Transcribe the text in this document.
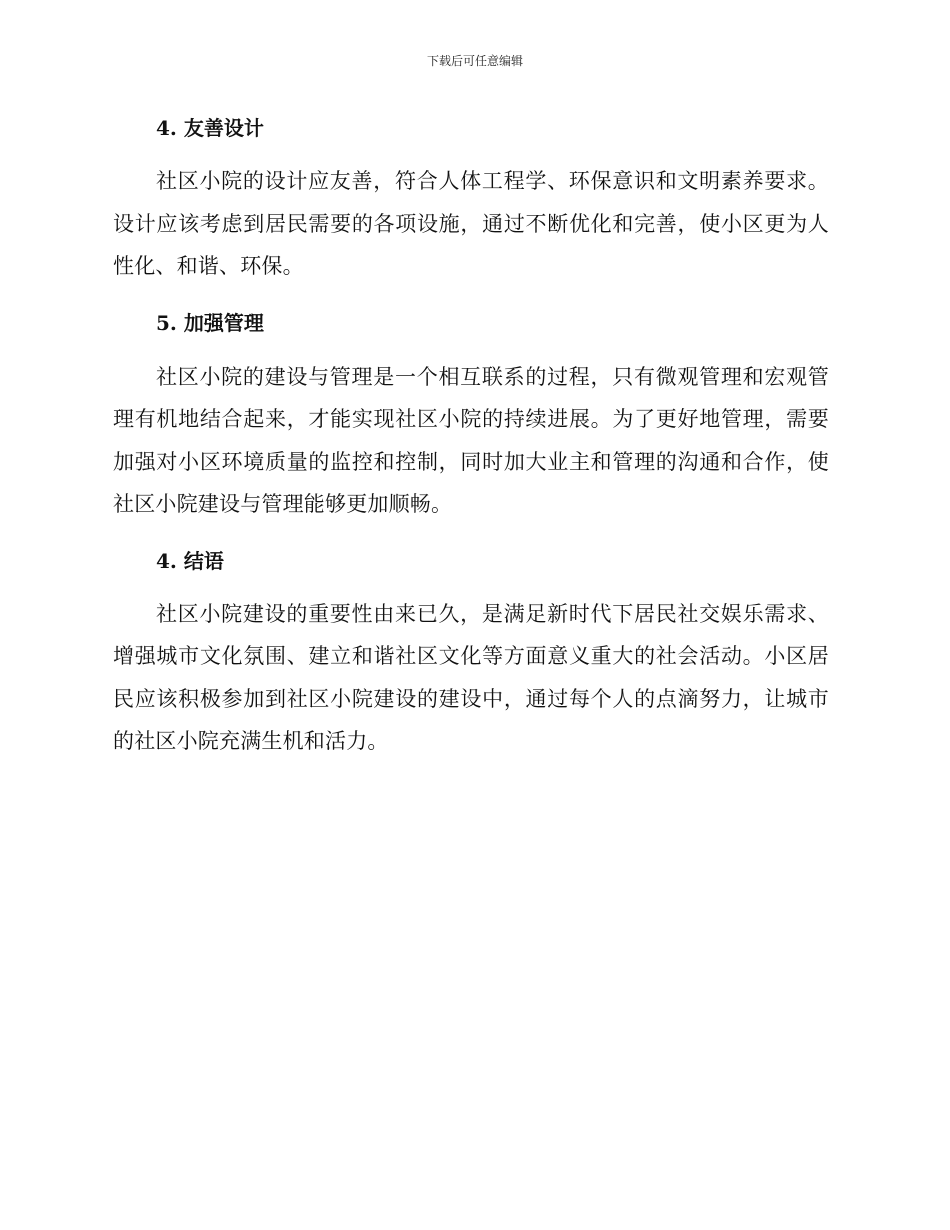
下载后可任意编辑
4. 友善设计

社区小院的设计应友善，符合人体工程学、环保意识和文明素养要求。设计应该考虑到居民需要的各项设施，通过不断优化和完善，使小区更为人性化、和谐、环保。

5. 加强管理

社区小院的建设与管理是一个相互联系的过程，只有微观管理和宏观管理有机地结合起来，才能实现社区小院的持续进展。为了更好地管理，需要加强对小区环境质量的监控和控制，同时加大业主和管理的沟通和合作，使社区小院建设与管理能够更加顺畅。

4. 结语

社区小院建设的重要性由来已久，是满足新时代下居民社交娱乐需求、增强城市文化氛围、建立和谐社区文化等方面意义重大的社会活动。小区居民应该积极参加到社区小院建设的建设中，通过每个人的点滴努力，让城市的社区小院充满生机和活力。
